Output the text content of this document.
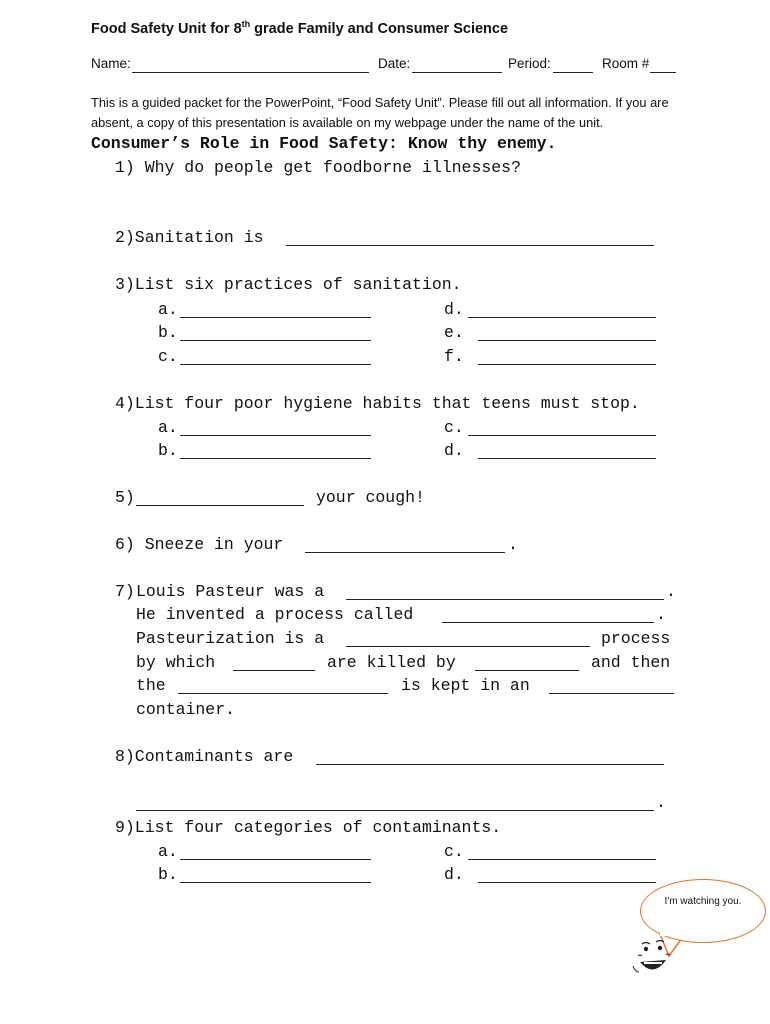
Food Safety Unit for 8th grade Family and Consumer Science
Name:	Date:	Period:	Room #
This is a guided packet for the PowerPoint, “Food Safety Unit”. Please fill out all information. If you are absent, a copy of this presentation is available on my webpage under the name of the unit.
Consumer’s Role in Food Safety: Know thy enemy.
1) Why do people get foodborne illnesses?
2)Sanitation is
3)List six practices of sanitation.
a.	d.
b.	e.
c.	f.
4)List four poor hygiene habits that teens must stop.
a.	c.
b.	d.
5)	your cough!
6) Sneeze in your	.
7) Louis Pasteur was a	.
He invented a process called	.
Pasteurization is a	process
by which	are killed by	and then
the	is kept in an
container.
8)Contaminants are
.
9)List four categories of contaminants.
a.	c.
b.	d.
I'm watching you.
